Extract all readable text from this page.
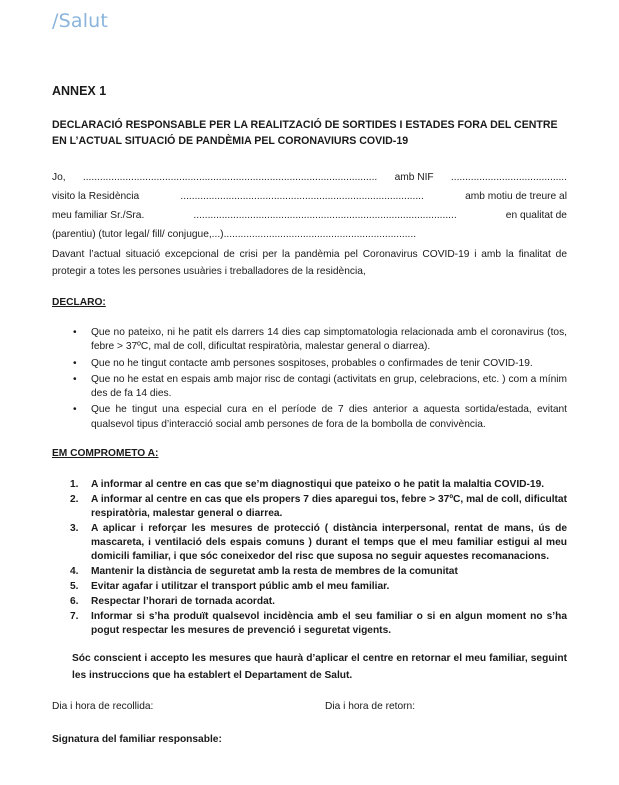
/Salut
ANNEX 1
DECLARACIÓ RESPONSABLE PER LA REALITZACIÓ DE SORTIDES I ESTADES FORA DEL CENTRE EN L’ACTUAL SITUACIÓ DE PANDÈMIA PEL CORONAVIURS COVID-19
Jo, ........................................................................................................ amb NIF .........................................
visito la Residència	......................................................................................	amb motiu de treure al
meu familiar Sr./Sra.	.............................................................................................	en qualitat de
(parentiu) (tutor legal/ fill/ conjugue,...) ....................................................................
Davant l’actual situació excepcional de crisi per la pandèmia pel Coronavirus COVID-19 i amb la finalitat de protegir a totes les persones usuàries i treballadores de la residència,
DECLARO:
• Que no pateixo, ni he patit els darrers 14 dies cap simptomatologia relacionada amb el coronavirus (tos, febre > 37ºC, mal de coll, dificultat respiratòria, malestar general o diarrea).
• Que no he tingut contacte amb persones sospitoses, probables o confirmades de tenir COVID-19.
• Que no he estat en espais amb major risc de contagi (activitats en grup, celebracions, etc. ) com a mínim des de fa 14 dies.
• Que he tingut una especial cura en el període de 7 dies anterior a aquesta sortida/estada, evitant qualsevol tipus d’interacció social amb persones de fora de la bombolla de convivència.
EM COMPROMETO A:
1. A informar al centre en cas que se’m diagnostiqui que pateixo o he patit la malaltia COVID-19.
2. A informar al centre en cas que els propers 7 dies aparegui tos, febre > 37ºC, mal de coll, dificultat respiratòria, malestar general o diarrea.
3. A aplicar i reforçar les mesures de protecció ( distància interpersonal, rentat de mans, ús de mascareta, i ventilació dels espais comuns ) durant el temps que el meu familiar estigui al meu domicili familiar, i que sóc coneixedor del risc que suposa no seguir aquestes recomanacions.
4. Mantenir la distància de seguretat amb la resta de membres de la comunitat
5. Evitar agafar i utilitzar el transport públic amb el meu familiar.
6. Respectar l’horari de tornada acordat.
7. Informar si s’ha produït qualsevol incidència amb el seu familiar o si en algun moment no s’ha pogut respectar les mesures de prevenció i seguretat vigents.
Sóc conscient i accepto les mesures que haurà d’aplicar el centre en retornar el meu familiar, seguint les instruccions que ha establert el Departament de Salut.
Dia i hora de recollida:	Dia i hora de retorn:
Signatura del familiar responsable:
